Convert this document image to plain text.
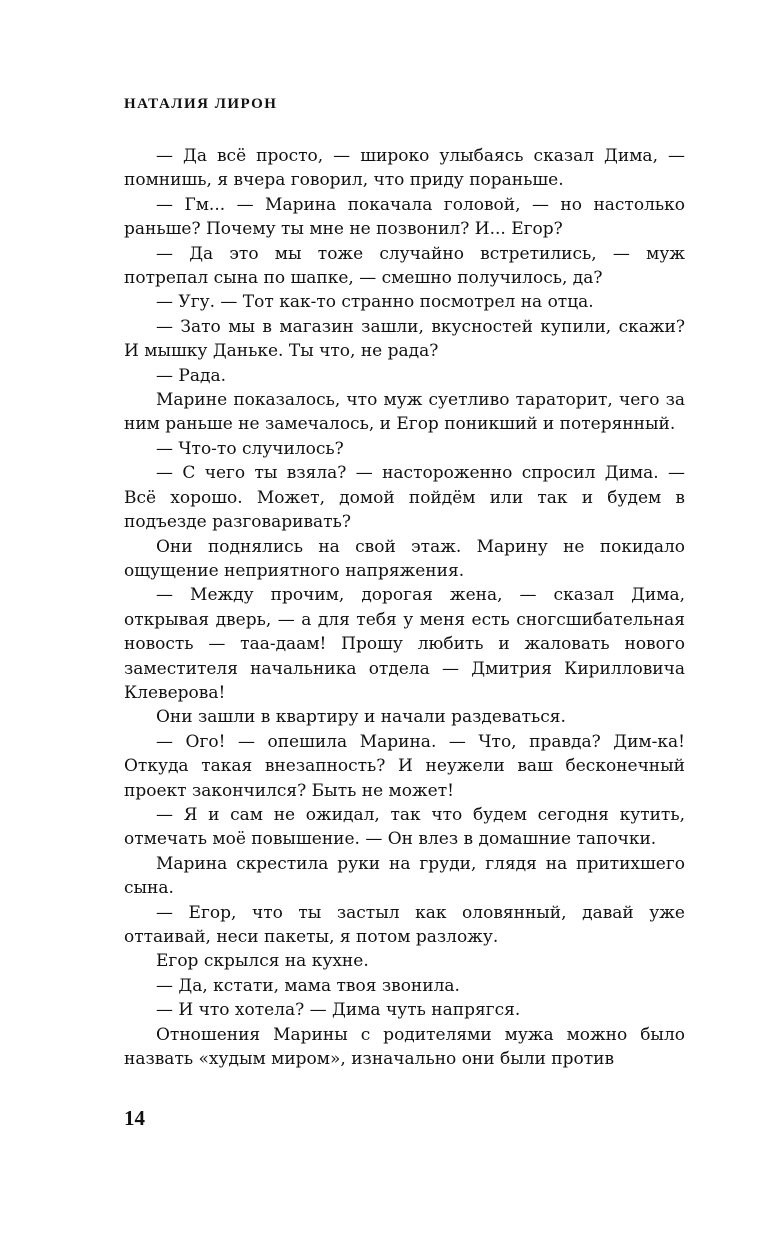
НАТАЛИЯ ЛИРОН

— Да всё просто, — широко улыбаясь сказал Дима, — помнишь, я вчера говорил, что приду пораньше.

— Гм... — Марина покачала головой, — но настолько раньше? Почему ты мне не позвонил? И... Егор?

— Да это мы тоже случайно встретились, — муж потрепал сына по шапке, — смешно получилось, да?

— Угу. — Тот как-то странно посмотрел на отца.

— Зато мы в магазин зашли, вкусностей купили, скажи? И мышку Даньке. Ты что, не рада?

— Рада.

Марине показалось, что муж суетливо тараторит, чего за ним раньше не замечалось, и Егор поникший и потерянный.

— Что-то случилось?

— С чего ты взяла? — настороженно спросил Дима. — Всё хорошо. Может, домой пойдём или так и будем в подъезде разговаривать?

Они поднялись на свой этаж. Марину не покидало ощущение неприятного напряжения.

— Между прочим, дорогая жена, — сказал Дима, открывая дверь, — а для тебя у меня есть сногсшибательная новость — таа-даам! Прошу любить и жаловать нового заместителя начальника отдела — Дмитрия Кирилловича Клеверова!

Они зашли в квартиру и начали раздеваться.

— Ого! — опешила Марина. — Что, правда? Дим-ка! Откуда такая внезапность? И неужели ваш бесконечный проект закончился? Быть не может!

— Я и сам не ожидал, так что будем сегодня кутить, отмечать моё повышение. — Он влез в домашние тапочки.

Марина скрестила руки на груди, глядя на притихшего сына.

— Егор, что ты застыл как оловянный, давай уже оттаивай, неси пакеты, я потом разложу.

Егор скрылся на кухне.

— Да, кстати, мама твоя звонила.

— И что хотела? — Дима чуть напрягся.

Отношения Марины с родителями мужа можно было назвать «худым миром», изначально они были против

14
